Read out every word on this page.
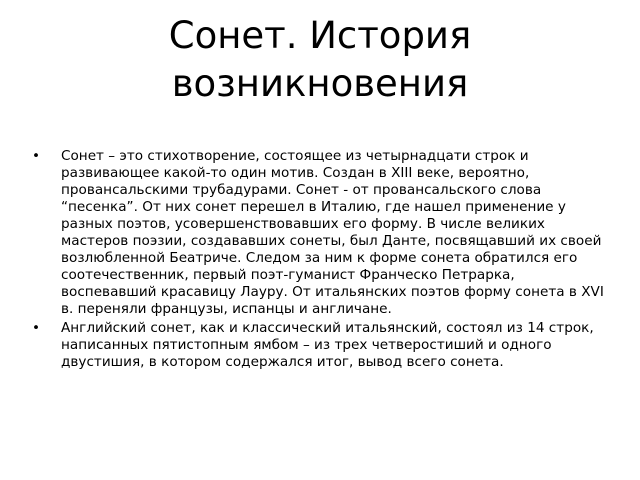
Сонет. История возникновения
•	Сонет – это стихотворение, состоящее из четырнадцати строк и развивающее какой-то один мотив. Создан в XIII веке, вероятно, провансальскими трубадурами. Сонет - от провансальского слова “песенка”. От них сонет перешел в Италию, где нашел применение у разных поэтов, усовершенствовавших его форму. В числе великих мастеров поэзии, создававших сонеты, был Данте, посвящавший их своей возлюбленной Беатриче. Следом за ним к форме сонета обратился его соотечественник, первый поэт-гуманист Франческо Петрарка, воспевавший красавицу Лауру. От итальянских поэтов форму сонета в XVI в. переняли французы, испанцы и англичане.
•	Английский сонет, как и классический итальянский, состоял из 14 строк, написанных пятистопным ямбом – из трех четверостиший и одного двустишия, в котором содержался итог, вывод всего сонета.
